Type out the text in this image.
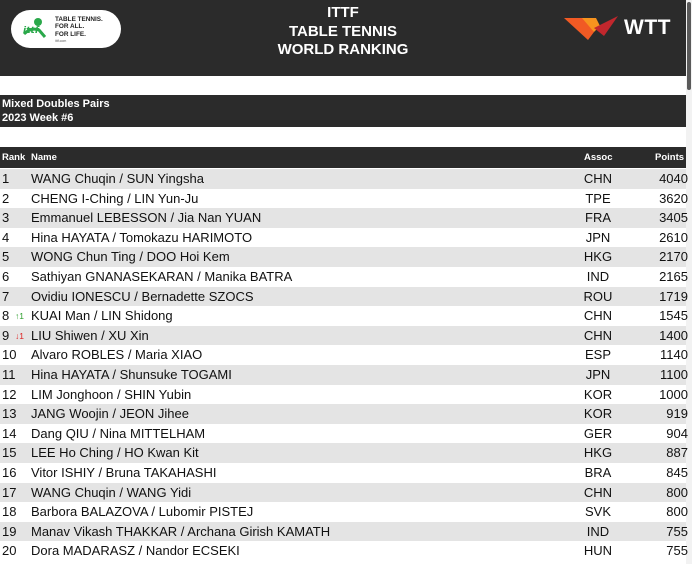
ittf
TABLE TENNIS.
FOR ALL.
FOR LIFE.
ittf.com
ITTF
TABLE TENNIS
WORLD RANKING
WTT
Mixed Doubles Pairs
2023 Week #6
Rank Name	Assoc	Points
1 WANG Chuqin / SUN Yingsha	CHN	4040
2 CHENG I-Ching / LIN Yun-Ju	TPE	3620
3 Emmanuel LEBESSON / Jia Nan YUAN	FRA	3405
4 Hina HAYATA / Tomokazu HARIMOTO	JPN	2610
5 WONG Chun Ting / DOO Hoi Kem	HKG	2170
6 Sathiyan GNANASEKARAN / Manika BATRA	IND	2165
7 Ovidiu IONESCU / Bernadette SZOCS	ROU	1719
8 KUAI Man / LIN Shidong	CHN	1545
↑1
9 LIU Shiwen / XU Xin	CHN	1400
↓1
10 Alvaro ROBLES / Maria XIAO	ESP	1140
11 Hina HAYATA / Shunsuke TOGAMI	JPN	1100
12 LIM Jonghoon / SHIN Yubin	KOR	1000
13 JANG Woojin / JEON Jihee	KOR	919
14 Dang QIU / Nina MITTELHAM	GER	904
15 LEE Ho Ching / HO Kwan Kit	HKG	887
16 Vitor ISHIY / Bruna TAKAHASHI	BRA	845
17 WANG Chuqin / WANG Yidi	CHN	800
18 Barbora BALAZOVA / Lubomir PISTEJ	SVK	800
19 Manav Vikash THAKKAR / Archana Girish KAMATH	IND	755
20 Dora MADARASZ / Nandor ECSEKI	HUN	755
